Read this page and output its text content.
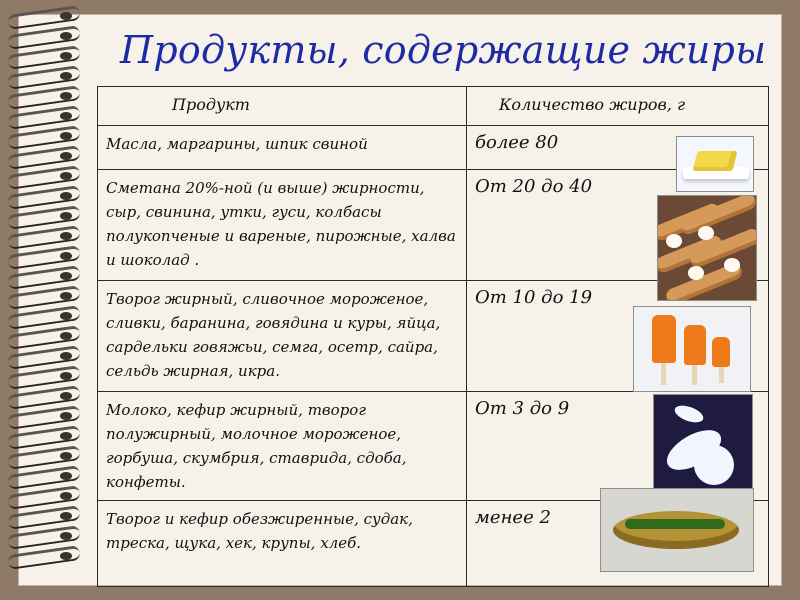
Продукты, содержащие жиры
Продукт	Количество жиров, г
Масла, маргарины, шпик свиной	более 80
Сметана 20%-ной (и выше) жирности, сыр, свинина, утки, гуси, колбасы полукопченые и вареные, пирожные, халва и шоколад .	От 20 до 40
Творог жирный, сливочное мороженое, сливки, баранина, говядина и куры, яйца, сардельки говяжьи, семга, осетр, сайра, сельдь жирная, икра.	От 10 до 19
Молоко, кефир жирный, творог полужирный, молочное мороженое, горбуша, скумбрия, ставрида, сдоба, конфеты.	От 3 до 9
Творог и кефир обезжиренные, судак, треска, щука, хек, крупы, хлеб.	менее 2
